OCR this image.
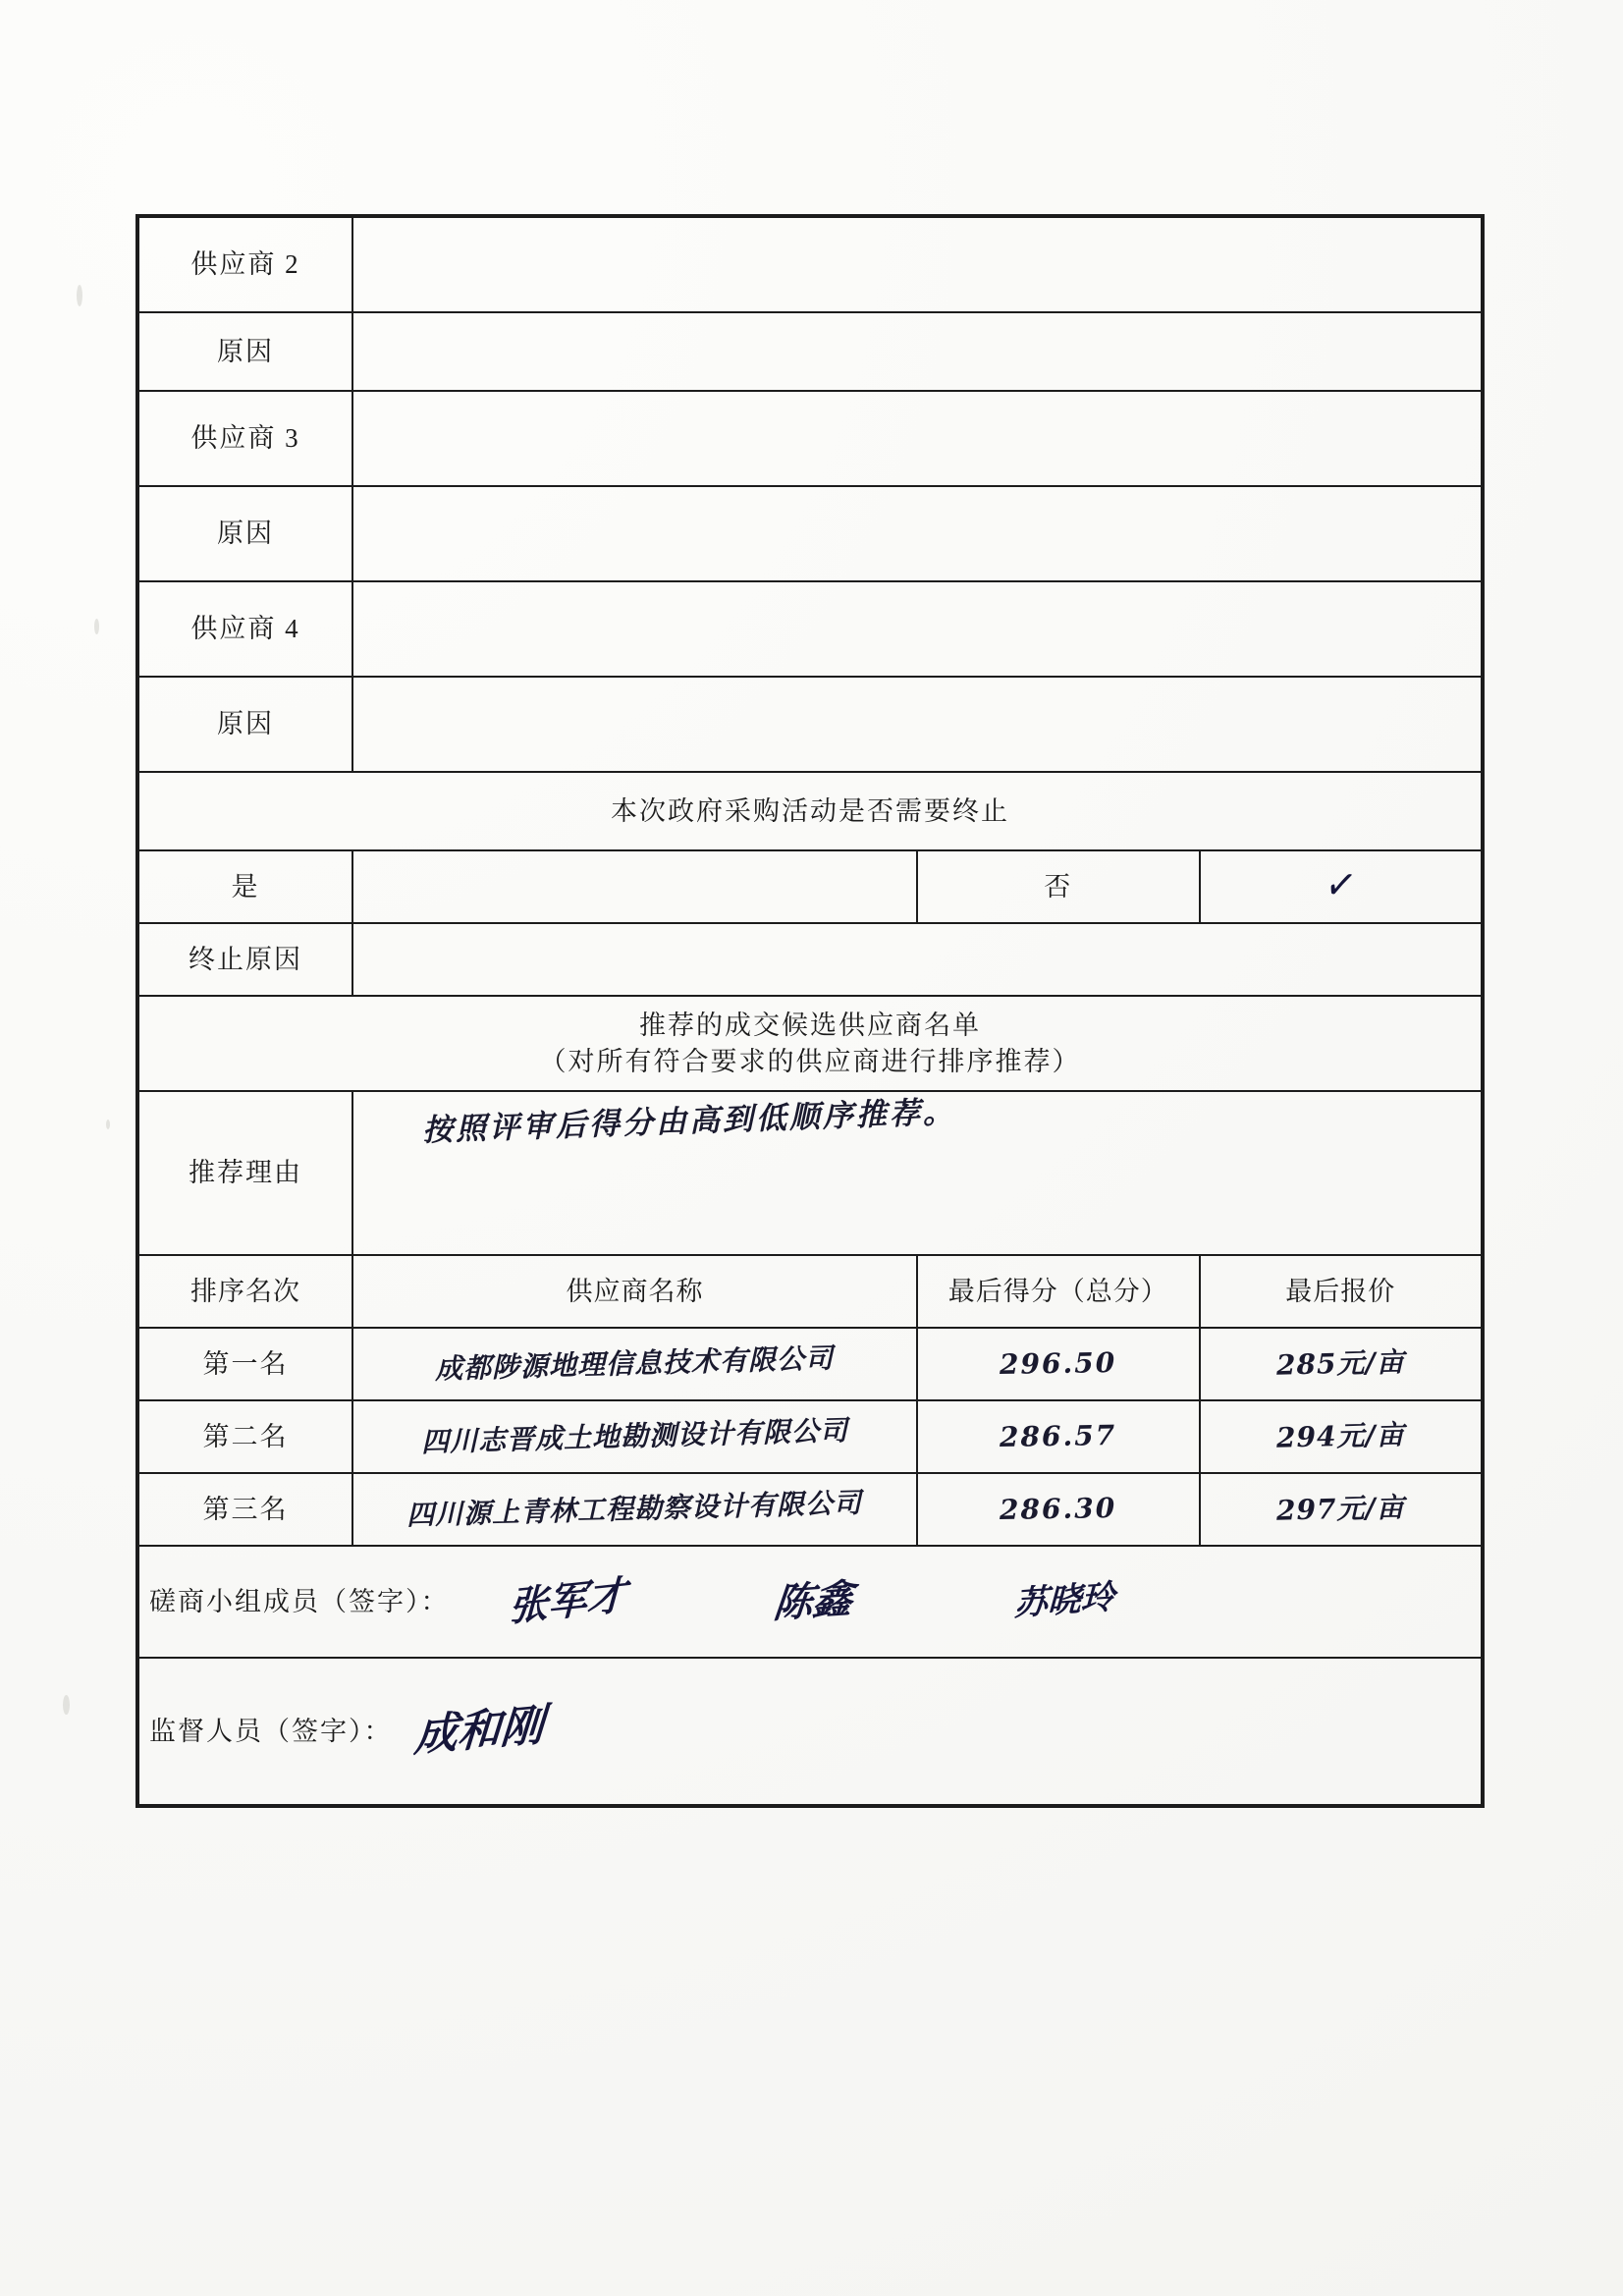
供应商 2			
原因			
供应商 3			
原因			
供应商 4			
原因			
本次政府采购活动是否需要终止			
是		否	✓
终止原因			

推荐的成交候选供应商名单
（对所有符合要求的供应商进行排序推荐）			

推荐理由	按照评审后得分由高到低顺序推荐。		

排序名次	供应商名称	最后得分（总分）	最后报价
第一名	成都陟源地理信息技术有限公司	296.50	285元/亩
第二名	四川志晋成土地勘测设计有限公司	286.57	294元/亩
第三名	四川源上青林工程勘察设计有限公司	286.30	297元/亩

磋商小组成员（签字）： 张军才 陈鑫 苏晓玲			

监督人员（签字）： 成和刚			
